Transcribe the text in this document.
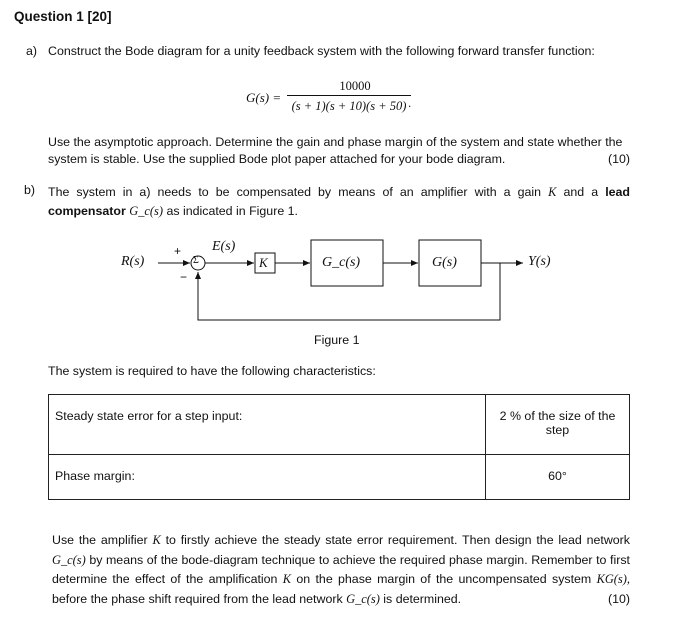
Question 1 [20]
a) Construct the Bode diagram for a unity feedback system with the following forward transfer function:
G(s) =
10000
(s + 1)(s + 10)(s + 50) .
Use the asymptotic approach. Determine the gain and phase margin of the system and state whether the system is stable. Use the supplied Bode plot paper attached for your bode diagram.	(10)
b) The system in a) needs to be compensated by means of an amplifier with a gain K and a lead compensator G_c(s) as indicated in Figure 1.
R(s)
+
−
Σ
E(s)
K	G_c(s)	G(s)	Y(s)
Figure 1
The system is required to have the following characteristics:
Steady state error for a step input:	2 % of the size of the step
Phase margin:	60°
Use the amplifier K to firstly achieve the steady state error requirement. Then design the lead network G_c(s) by means of the bode-diagram technique to achieve the required phase margin. Remember to first determine the effect of the amplification K on the phase margin of the uncompensated system KG(s), before the phase shift required from the lead network G_c(s) is determined.	(10)
